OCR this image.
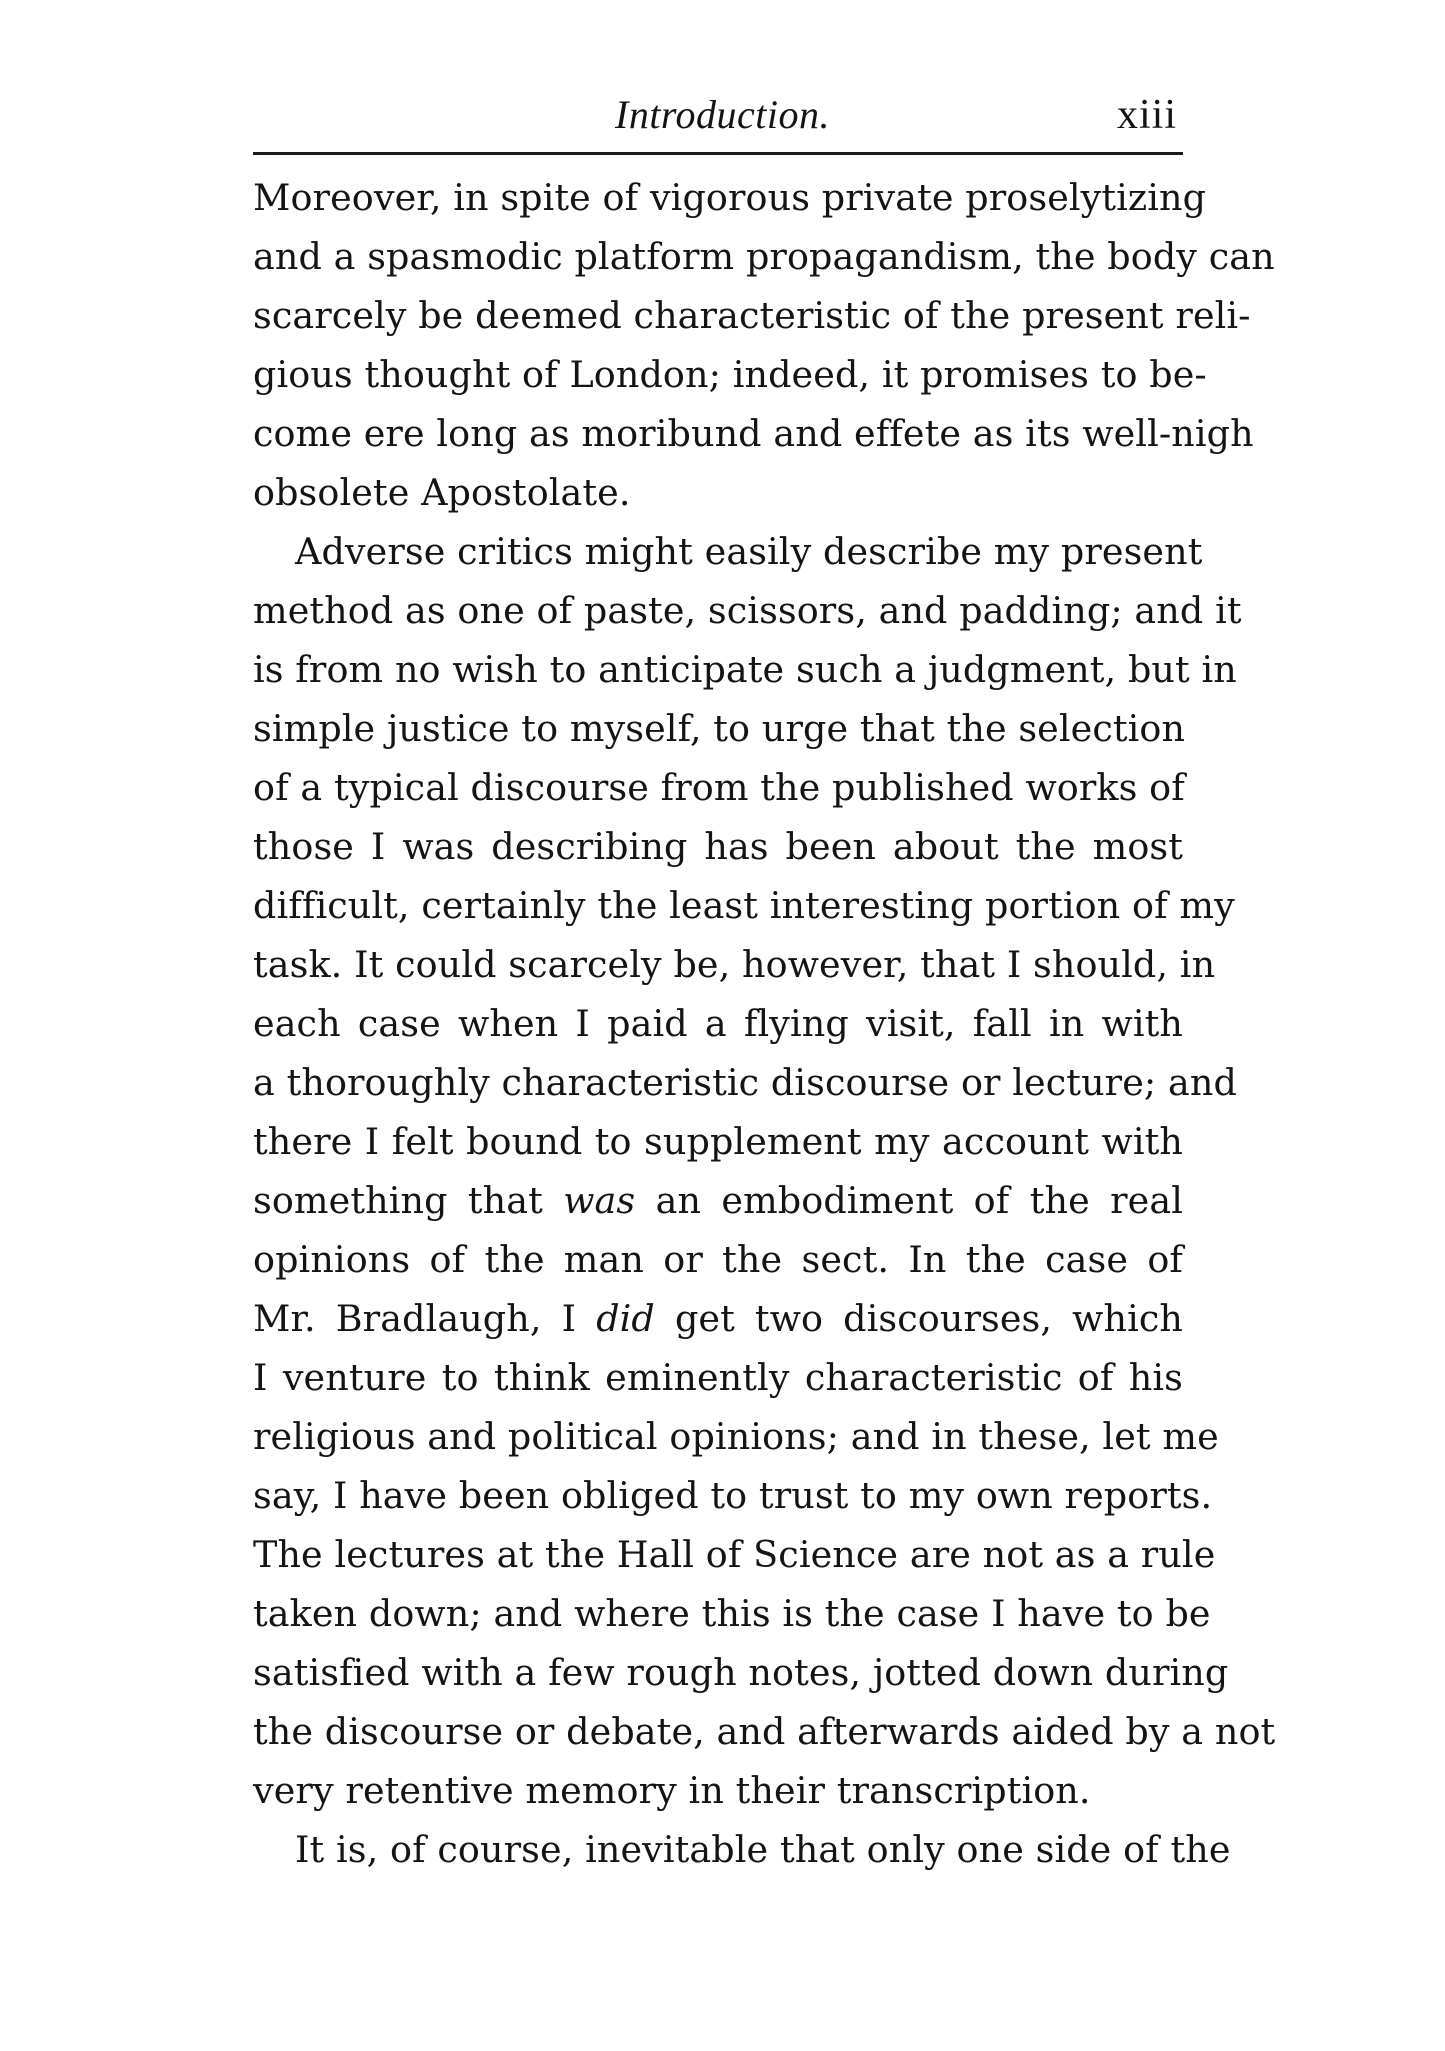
Introduction.	xiii
Moreover, in spite of vigorous private proselytizing
and a spasmodic platform propagandism, the body can
scarcely be deemed characteristic of the present reli-
gious thought of London; indeed, it promises to be-
come ere long as moribund and effete as its well-nigh
obsolete Apostolate.
Adverse critics might easily describe my present
method as one of paste, scissors, and padding; and it
is from no wish to anticipate such a judgment, but in
simple justice to myself, to urge that the selection
of a typical discourse from the published works of
those I was describing has been about the most
difficult, certainly the least interesting portion of my
task. It could scarcely be, however, that I should, in
each case when I paid a flying visit, fall in with
a thoroughly characteristic discourse or lecture; and
there I felt bound to supplement my account with
something that was an embodiment of the real
opinions of the man or the sect. In the case of
Mr. Bradlaugh, I did get two discourses, which
I venture to think eminently characteristic of his
religious and political opinions; and in these, let me
say, I have been obliged to trust to my own reports.
The lectures at the Hall of Science are not as a rule
taken down; and where this is the case I have to be
satisfied with a few rough notes, jotted down during
the discourse or debate, and afterwards aided by a not
very retentive memory in their transcription.
It is, of course, inevitable that only one side of the
